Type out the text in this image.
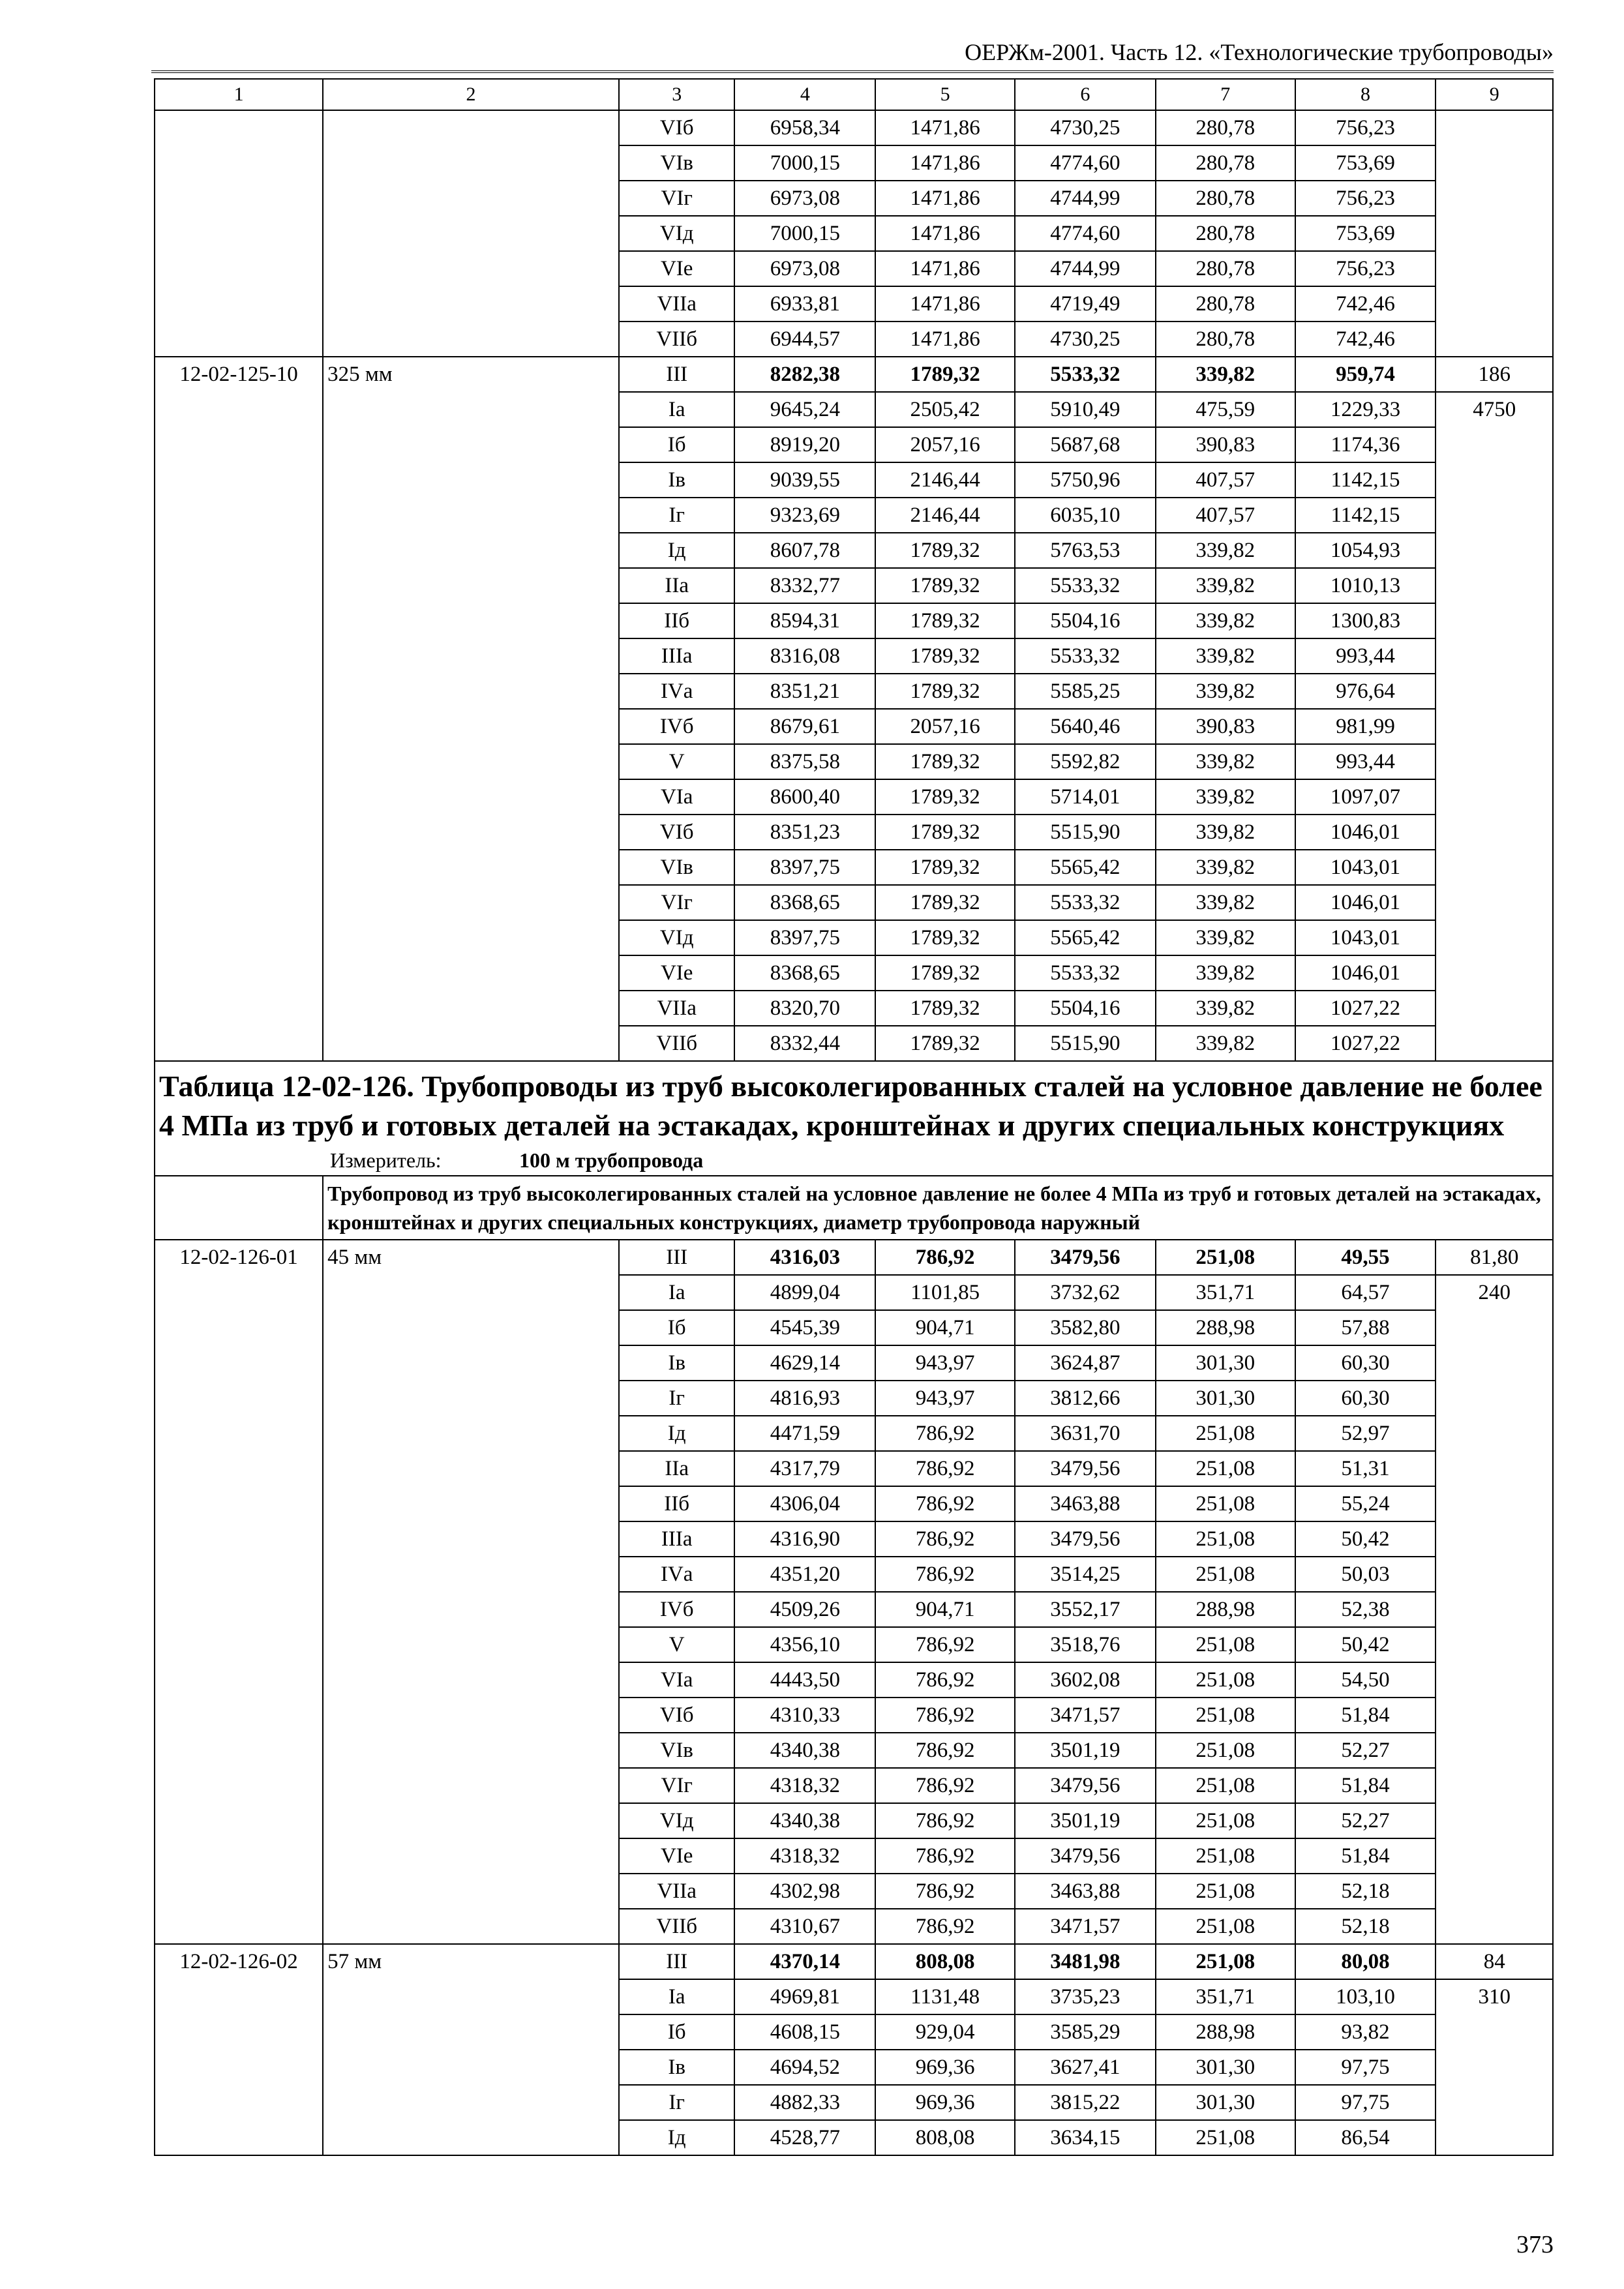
ОЕРЖм-2001. Часть 12. «Технологические трубопроводы»
1	2	3	4	5	6	7	8	9
		VIб	6958,34	1471,86	4730,25	280,78	756,23	
		VIв	7000,15	1471,86	4774,60	280,78	753,69	
		VIг	6973,08	1471,86	4744,99	280,78	756,23	
		VIд	7000,15	1471,86	4774,60	280,78	753,69	
		VIе	6973,08	1471,86	4744,99	280,78	756,23	
		VIIа	6933,81	1471,86	4719,49	280,78	742,46	
		VIIб	6944,57	1471,86	4730,25	280,78	742,46	
12-02-125-10	325 мм	III	8282,38	1789,32	5533,32	339,82	959,74	186
		Iа	9645,24	2505,42	5910,49	475,59	1229,33	4750
		Iб	8919,20	2057,16	5687,68	390,83	1174,36	
		Iв	9039,55	2146,44	5750,96	407,57	1142,15	
		Iг	9323,69	2146,44	6035,10	407,57	1142,15	
		Iд	8607,78	1789,32	5763,53	339,82	1054,93	
		IIа	8332,77	1789,32	5533,32	339,82	1010,13	
		IIб	8594,31	1789,32	5504,16	339,82	1300,83	
		IIIа	8316,08	1789,32	5533,32	339,82	993,44	
		IVа	8351,21	1789,32	5585,25	339,82	976,64	
		IVб	8679,61	2057,16	5640,46	390,83	981,99	
		V	8375,58	1789,32	5592,82	339,82	993,44	
		VIа	8600,40	1789,32	5714,01	339,82	1097,07	
		VIб	8351,23	1789,32	5515,90	339,82	1046,01	
		VIв	8397,75	1789,32	5565,42	339,82	1043,01	
		VIг	8368,65	1789,32	5533,32	339,82	1046,01	
		VIд	8397,75	1789,32	5565,42	339,82	1043,01	
		VIе	8368,65	1789,32	5533,32	339,82	1046,01	
		VIIа	8320,70	1789,32	5504,16	339,82	1027,22	
		VIIб	8332,44	1789,32	5515,90	339,82	1027,22	
Таблица 12-02-126. Трубопроводы из труб высоколегированных сталей на условное давление не более 4 МПа из труб и готовых деталей на эстакадах, кронштейнах и других специальных конструкциях								
Измеритель: 100 м трубопровода								
	Трубопровод из труб высоколегированных сталей на условное давление не более 4 МПа из труб и готовых деталей на эстакадах, кронштейнах и других специальных конструкциях, диаметр трубопровода наружный							
12-02-126-01	45 мм	III	4316,03	786,92	3479,56	251,08	49,55	81,80
		Iа	4899,04	1101,85	3732,62	351,71	64,57	240
		Iб	4545,39	904,71	3582,80	288,98	57,88	
		Iв	4629,14	943,97	3624,87	301,30	60,30	
		Iг	4816,93	943,97	3812,66	301,30	60,30	
		Iд	4471,59	786,92	3631,70	251,08	52,97	
		IIа	4317,79	786,92	3479,56	251,08	51,31	
		IIб	4306,04	786,92	3463,88	251,08	55,24	
		IIIа	4316,90	786,92	3479,56	251,08	50,42	
		IVа	4351,20	786,92	3514,25	251,08	50,03	
		IVб	4509,26	904,71	3552,17	288,98	52,38	
		V	4356,10	786,92	3518,76	251,08	50,42	
		VIа	4443,50	786,92	3602,08	251,08	54,50	
		VIб	4310,33	786,92	3471,57	251,08	51,84	
		VIв	4340,38	786,92	3501,19	251,08	52,27	
		VIг	4318,32	786,92	3479,56	251,08	51,84	
		VIд	4340,38	786,92	3501,19	251,08	52,27	
		VIе	4318,32	786,92	3479,56	251,08	51,84	
		VIIа	4302,98	786,92	3463,88	251,08	52,18	
		VIIб	4310,67	786,92	3471,57	251,08	52,18	
12-02-126-02	57 мм	III	4370,14	808,08	3481,98	251,08	80,08	84
		Iа	4969,81	1131,48	3735,23	351,71	103,10	310
		Iб	4608,15	929,04	3585,29	288,98	93,82	
		Iв	4694,52	969,36	3627,41	301,30	97,75	
		Iг	4882,33	969,36	3815,22	301,30	97,75	
		Iд	4528,77	808,08	3634,15	251,08	86,54	
373
